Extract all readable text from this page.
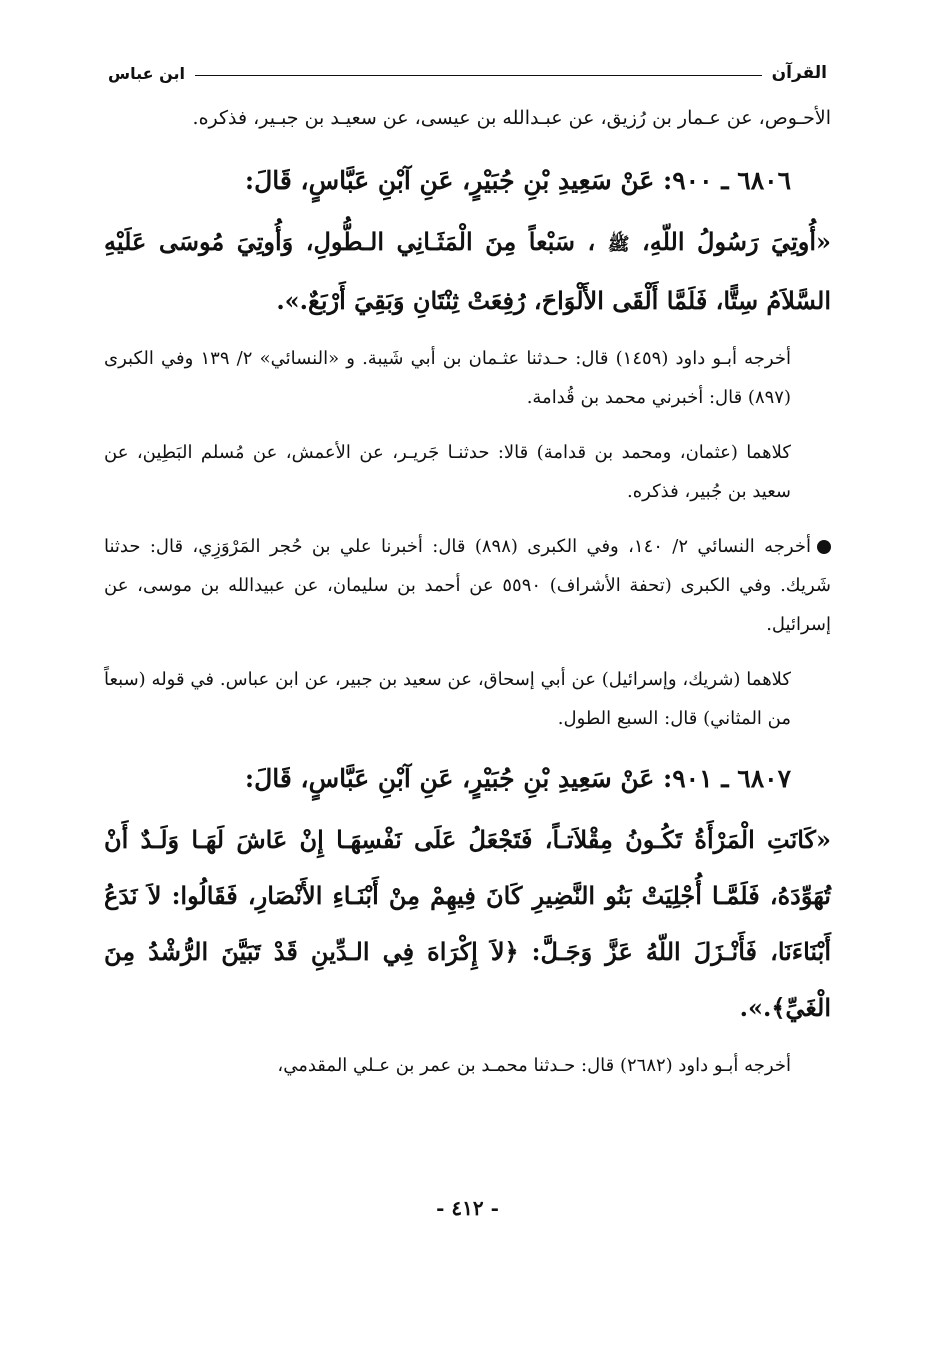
القرآن
ابن عباس

الأحـوص، عن عـمار بن رُزيق، عن عبـدالله بن عيسى، عن سعيـد بن جبـير، فذكره.

٦٨٠٦ ـ ٩٠٠: عَنْ سَعِيدِ بْنِ جُبَيْرٍ، عَنِ آبْنِ عَبَّاسٍ، قَالَ:

«أُوتِيَ رَسُولُ اللّهِ، ﷺ ، سَبْعاً مِنَ الْمَثَـانِي الـطُّولِ، وَأُوتِيَ مُوسَى عَلَيْهِ السَّلاَمُ سِتًّا، فَلَمَّا أَلْقَى الأَلْوَاحَ، رُفِعَتْ ثِنْتَانِ وَبَقِيَ أَرْبَعٌ.».

أخرجه أبـو داود (١٤٥٩) قال: حـدثنا عثـمان بن أبي شَيبة. و «النسائي» ٢/ ١٣٩ وفي الكبرى (٨٩٧) قال: أخبرني محمد بن قُدامة.

كلاهما (عثمان، ومحمد بن قدامة) قالا: حدثنـا جَريـر، عن الأعمش، عن مُسلم البَطِين، عن سعيد بن جُبير، فذكره.

أخرجه النسائي ٢/ ١٤٠، وفي الكبرى (٨٩٨) قال: أخبرنا علي بن حُجر المَرْوَزِي، قال: حدثنا شَريك. وفي الكبرى (تحفة الأشراف) ٥٥٩٠ عن أحمد بن سليمان، عن عبيدالله بن موسى، عن إسرائيل.

كلاهما (شريك، وإسرائيل) عن أبي إسحاق، عن سعيد بن جبير، عن ابن عباس. في قوله (سبعاً من المثاني) قال: السبع الطول.

٦٨٠٧ ـ ٩٠١: عَنْ سَعِيدِ بْنِ جُبَيْرٍ، عَنِ آبْنِ عَبَّاسٍ، قَالَ:

«كَانَتِ الْمَرْأَةُ تَكُـونُ مِقْلاَتـاً، فَتَجْعَلُ عَلَى نَفْسِهَـا إِنْ عَاشَ لَهَـا وَلَـدٌ أَنْ تُهَوِّدَهُ، فَلَمَّـا أُجْلِيَتْ بَنُو النَّضِيرِ كَانَ فِيهِمْ مِنْ أَبْنَـاءِ الأَنْصَارِ، فَقَالُوا: لاَ نَدَعُ أَبْنَاءَنَا، فَأَنْـزَلَ اللّهُ عَزَّ وَجَـلَّ: ﴿لاَ إِكْرَاهَ فِي الـدِّينِ قَدْ تَبَيَّنَ الرُّشْدُ مِنَ الْغَيِّ﴾.».

أخرجه أبـو داود (٢٦٨٢) قال: حـدثنا محمـد بن عمر بن عـلي المقدمي،

- ٤١٢ -
